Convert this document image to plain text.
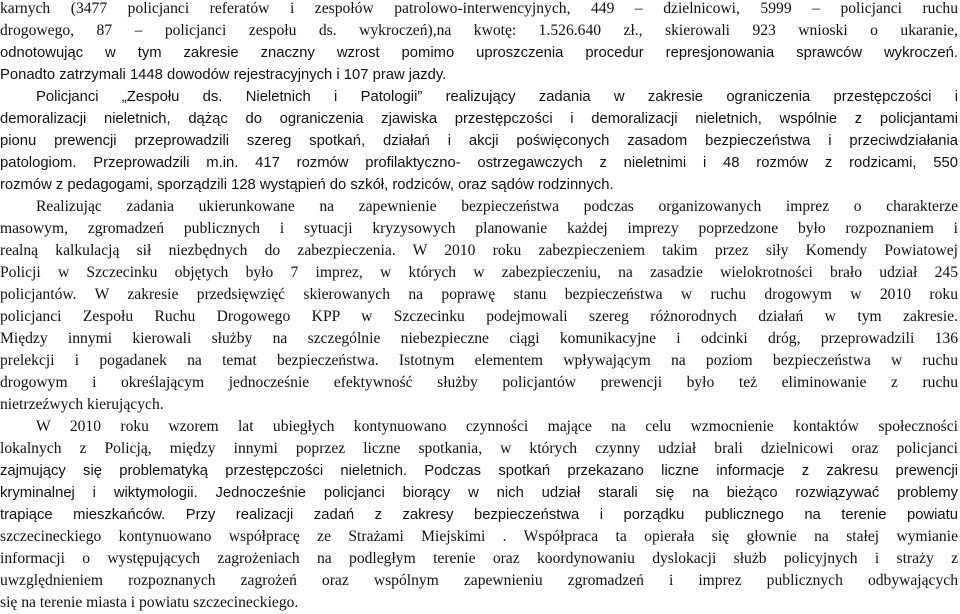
karnych (3477 policjanci referatów i zespołów patrolowo-interwencyjnych, 449 – dzielnicowi, 5999 – policjanci ruchu
drogowego, 87 – policjanci zespołu ds. wykroczeń),na kwotę: 1.526.640 zł., skierowali 923 wnioski o ukaranie,
odnotowując w tym zakresie znaczny wzrost pomimo uproszczenia procedur represjonowania sprawców wykroczeń.
Ponadto zatrzymali 1448 dowodów rejestracyjnych i 107 praw jazdy.
Policjanci „Zespołu ds. Nieletnich i Patologii” realizujący zadania w zakresie ograniczenia przestępczości i
demoralizacji nieletnich, dążąc do ograniczenia zjawiska przestępczości i demoralizacji nieletnich, wspólnie z policjantami
pionu prewencji przeprowadzili szereg spotkań, działań i akcji poświęconych zasadom bezpieczeństwa i przeciwdziałania
patologiom. Przeprowadzili m.in. 417 rozmów profilaktyczno- ostrzegawczych z nieletnimi i 48 rozmów z rodzicami, 550
rozmów z pedagogami, sporządzili 128 wystąpień do szkół, rodziców, oraz sądów rodzinnych.
Realizując zadania ukierunkowane na zapewnienie bezpieczeństwa podczas organizowanych imprez o charakterze
masowym, zgromadzeń publicznych i sytuacji kryzysowych planowanie każdej imprezy poprzedzone było rozpoznaniem i
realną kalkulacją sił niezbędnych do zabezpieczenia. W 2010 roku zabezpieczeniem takim przez siły Komendy Powiatowej
Policji w Szczecinku objętych było 7 imprez, w których w zabezpieczeniu, na zasadzie wielokrotności brało udział 245
policjantów. W zakresie przedsięwzięć skierowanych na poprawę stanu bezpieczeństwa w ruchu drogowym w 2010 roku
policjanci Zespołu Ruchu Drogowego KPP w Szczecinku podejmowali szereg różnorodnych działań w tym zakresie.
Między innymi kierowali służby na szczególnie niebezpieczne ciągi komunikacyjne i odcinki dróg, przeprowadzili 136
prelekcji i pogadanek na temat bezpieczeństwa. Istotnym elementem wpływającym na poziom bezpieczeństwa w ruchu
drogowym i określającym jednocześnie efektywność służby policjantów prewencji było też eliminowanie z ruchu
nietrzeźwych kierujących.
W 2010 roku wzorem lat ubiegłych kontynuowano czynności mające na celu wzmocnienie kontaktów społeczności
lokalnych z Policją, między innymi poprzez liczne spotkania, w których czynny udział brali dzielnicowi oraz policjanci
zajmujący się problematyką przestępczości nieletnich. Podczas spotkań przekazano liczne informacje z zakresu prewencji
kryminalnej i wiktymologii. Jednocześnie policjanci biorący w nich udział starali się na bieżąco rozwiązywać problemy
trapiące mieszkańców. Przy realizacji zadań z zakresy bezpieczeństwa i porządku publicznego na terenie powiatu
szczecineckiego kontynuowano współpracę ze Strażami Miejskimi . Współpraca ta opierała się głownie na stałej wymianie
informacji o występujących zagrożeniach na podległym terenie oraz koordynowaniu dyslokacji służb policyjnych i straży z
uwzględnieniem rozpoznanych zagrożeń oraz wspólnym zapewnieniu zgromadzeń i imprez publicznych odbywających
się na terenie miasta i powiatu szczecineckiego.
